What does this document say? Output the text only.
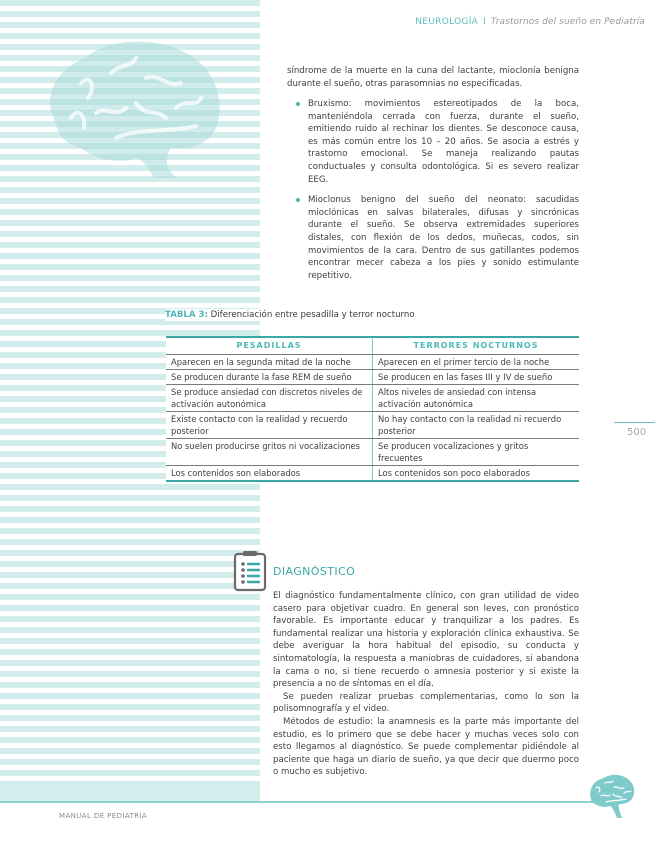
NEUROLOGÍA I Trastornos del sueño en Pediatría
síndrome de la muerte en la cuna del lactante, mioclonía benigna durante el sueño, otras parasomnias no especificadas.
Bruxismo: movimientos estereotipados de la boca, manteniéndola cerrada con fuerza, durante el sueño, emitiendo ruido al rechinar los dientes. Se desconoce causa, es más común entre los 10 – 20 años. Se asocia a estrés y trastorno emocional. Se maneja realizando pautas conductuales y consulta odontológica. Si es severo realizar EEG.
Mioclonus benigno del sueño del neonato: sacudidas mioclónicas en salvas bilaterales, difusas y sincrónicas durante el sueño. Se observa extremidades superiores distales, con flexión de los dedos, muñecas, codos, sin movimientos de la cara. Dentro de sus gatillantes podemos encontrar mecer cabeza a los pies y sonido estimulante repetitivo.
TABLA 3: Diferenciación entre pesadilla y terror nocturno
PESADILLAS	TERRORES NOCTURNOS
Aparecen en la segunda mitad de la noche	Aparecen en el primer tercio de la noche
Se producen durante la fase REM de sueño	Se producen en las fases III y IV de sueño
Se produce ansiedad con discretos niveles de activación autonómica	Altos niveles de ansiedad con intensa activación autonómica
Existe contacto con la realidad y recuerdo posterior	No hay contacto con la realidad ni recuerdo posterior
No suelen producirse gritos ni vocalizaciones	Se producen vocalizaciones y gritos frecuentes
Los contenidos son elaborados	Los contenidos son poco elaborados
500
DIAGNÓSTICO

El diagnóstico fundamentalmente clínico, con gran utilidad de video casero para objetivar cuadro. En general son leves, con pronóstico favorable. Es importante educar y tranquilizar a los padres. Es fundamental realizar una historia y exploración clínica exhaustiva. Se debe averiguar la hora habitual del episodio, su conducta y sintomatología, la respuesta a maniobras de cuidadores, si abandona la cama o no, si tiene recuerdo o amnesia posterior y si existe la presencia a no de síntomas en el día.

Se pueden realizar pruebas complementarias, como lo son la polisomnografía y el video.

Métodos de estudio: la anamnesis es la parte más importante del estudio, es lo primero que se debe hacer y muchas veces solo con esto llegamos al diagnóstico. Se puede complementar pidiéndole al paciente que haga un diario de sueño, ya que decir que duermo poco o mucho es subjetivo.

MANUAL DE PEDIATRÍA
